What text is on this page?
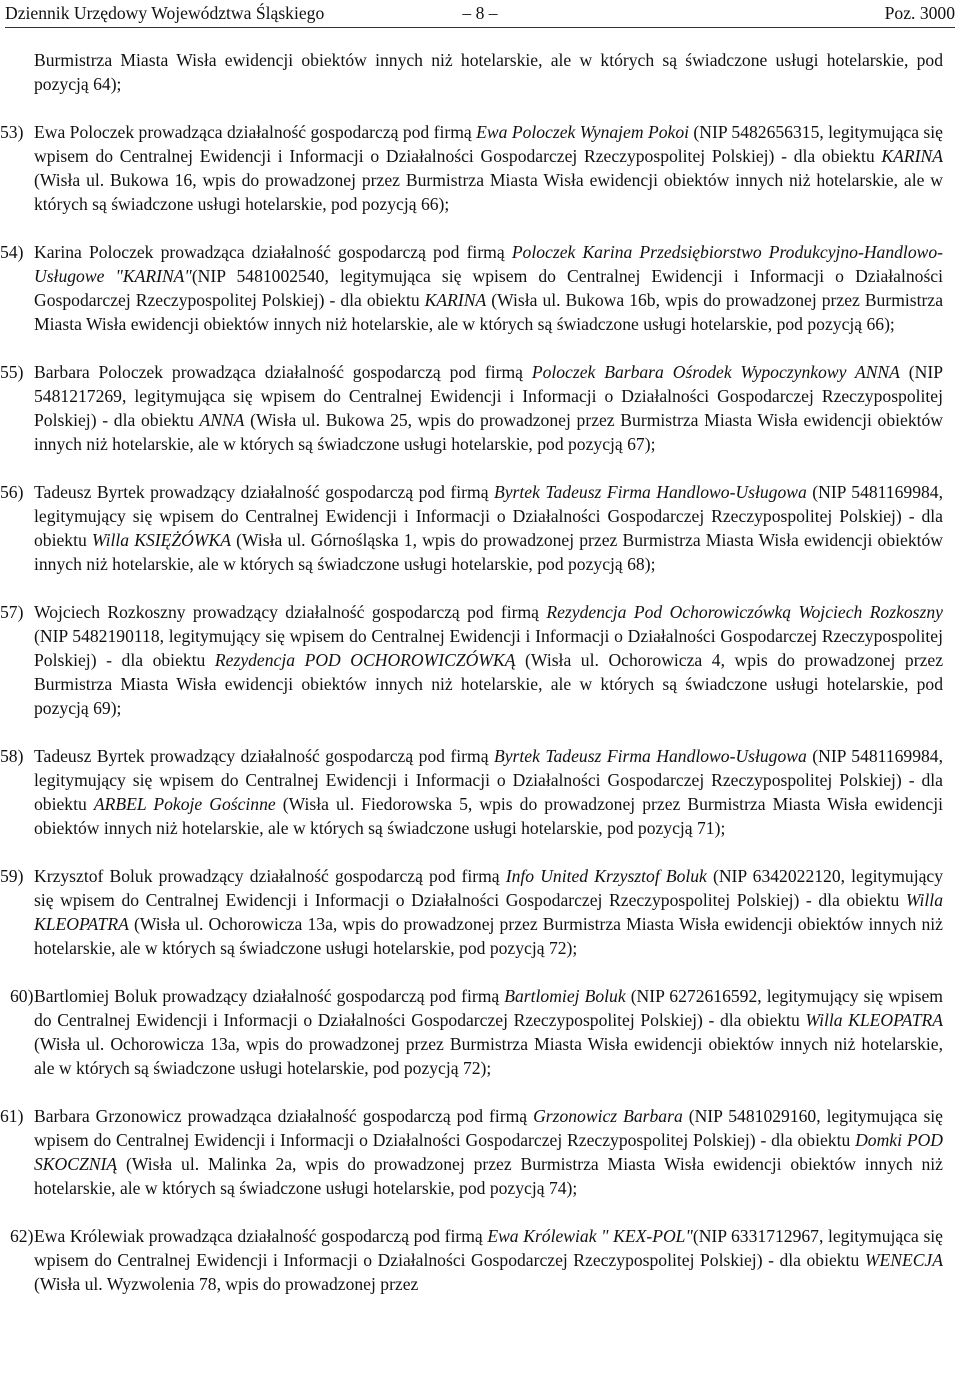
Dziennik Urzędowy Województwa Śląskiego	– 8 –	Poz. 3000

Burmistrza Miasta Wisła ewidencji obiektów innych niż hotelarskie, ale w których są świadczone usługi hotelarskie, pod pozycją 64);

53) Ewa Poloczek prowadząca działalność gospodarczą pod firmą Ewa Poloczek Wynajem Pokoi (NIP 5482656315, legitymująca się wpisem do Centralnej Ewidencji i Informacji o Działalności Gospodarczej Rzeczypospolitej Polskiej) - dla obiektu KARINA (Wisła ul. Bukowa 16, wpis do prowadzonej przez Burmistrza Miasta Wisła ewidencji obiektów innych niż hotelarskie, ale w których są świadczone usługi hotelarskie, pod pozycją 66);

54) Karina Poloczek prowadząca działalność gospodarczą pod firmą Poloczek Karina Przedsiębiorstwo Produkcyjno-Handlowo-Usługowe "KARINA"(NIP 5481002540, legitymująca się wpisem do Centralnej Ewidencji i Informacji o Działalności Gospodarczej Rzeczypospolitej Polskiej) - dla obiektu KARINA (Wisła ul. Bukowa 16b, wpis do prowadzonej przez Burmistrza Miasta Wisła ewidencji obiektów innych niż hotelarskie, ale w których są świadczone usługi hotelarskie, pod pozycją 66);

55) Barbara Poloczek prowadząca działalność gospodarczą pod firmą Poloczek Barbara Ośrodek Wypoczynkowy ANNA (NIP 5481217269, legitymująca się wpisem do Centralnej Ewidencji i Informacji o Działalności Gospodarczej Rzeczypospolitej Polskiej) - dla obiektu ANNA (Wisła ul. Bukowa 25, wpis do prowadzonej przez Burmistrza Miasta Wisła ewidencji obiektów innych niż hotelarskie, ale w których są świadczone usługi hotelarskie, pod pozycją 67);

56) Tadeusz Byrtek prowadzący działalność gospodarczą pod firmą Byrtek Tadeusz Firma Handlowo-Usługowa (NIP 5481169984, legitymujący się wpisem do Centralnej Ewidencji i Informacji o Działalności Gospodarczej Rzeczypospolitej Polskiej) - dla obiektu Willa KSIĘŻÓWKA (Wisła ul. Górnośląska 1, wpis do prowadzonej przez Burmistrza Miasta Wisła ewidencji obiektów innych niż hotelarskie, ale w których są świadczone usługi hotelarskie, pod pozycją 68);

57) Wojciech Rozkoszny prowadzący działalność gospodarczą pod firmą Rezydencja Pod Ochorowiczówką Wojciech Rozkoszny (NIP 5482190118, legitymujący się wpisem do Centralnej Ewidencji i Informacji o Działalności Gospodarczej Rzeczypospolitej Polskiej) - dla obiektu Rezydencja POD OCHOROWICZÓWKĄ (Wisła ul. Ochorowicza 4, wpis do prowadzonej przez Burmistrza Miasta Wisła ewidencji obiektów innych niż hotelarskie, ale w których są świadczone usługi hotelarskie, pod pozycją 69);

58) Tadeusz Byrtek prowadzący działalność gospodarczą pod firmą Byrtek Tadeusz Firma Handlowo-Usługowa (NIP 5481169984, legitymujący się wpisem do Centralnej Ewidencji i Informacji o Działalności Gospodarczej Rzeczypospolitej Polskiej) - dla obiektu ARBEL Pokoje Gościnne (Wisła ul. Fiedorowska 5, wpis do prowadzonej przez Burmistrza Miasta Wisła ewidencji obiektów innych niż hotelarskie, ale w których są świadczone usługi hotelarskie, pod pozycją 71);

59) Krzysztof Boluk prowadzący działalność gospodarczą pod firmą Info United Krzysztof Boluk (NIP 6342022120, legitymujący się wpisem do Centralnej Ewidencji i Informacji o Działalności Gospodarczej Rzeczypospolitej Polskiej) - dla obiektu Willa KLEOPATRA (Wisła ul. Ochorowicza 13a, wpis do prowadzonej przez Burmistrza Miasta Wisła ewidencji obiektów innych niż hotelarskie, ale w których są świadczone usługi hotelarskie, pod pozycją 72);

60) Bartlomiej Boluk prowadzący działalność gospodarczą pod firmą Bartlomiej Boluk (NIP 6272616592, legitymujący się wpisem do Centralnej Ewidencji i Informacji o Działalności Gospodarczej Rzeczypospolitej Polskiej) - dla obiektu Willa KLEOPATRA (Wisła ul. Ochorowicza 13a, wpis do prowadzonej przez Burmistrza Miasta Wisła ewidencji obiektów innych niż hotelarskie, ale w których są świadczone usługi hotelarskie, pod pozycją 72);

61) Barbara Grzonowicz prowadząca działalność gospodarczą pod firmą Grzonowicz Barbara (NIP 5481029160, legitymująca się wpisem do Centralnej Ewidencji i Informacji o Działalności Gospodarczej Rzeczypospolitej Polskiej) - dla obiektu Domki POD SKOCZNIĄ (Wisła ul. Malinka 2a, wpis do prowadzonej przez Burmistrza Miasta Wisła ewidencji obiektów innych niż hotelarskie, ale w których są świadczone usługi hotelarskie, pod pozycją 74);

62) Ewa Królewiak prowadząca działalność gospodarczą pod firmą Ewa Królewiak " KEX-POL"(NIP 6331712967, legitymująca się wpisem do Centralnej Ewidencji i Informacji o Działalności Gospodarczej Rzeczypospolitej Polskiej) - dla obiektu WENECJA (Wisła ul. Wyzwolenia 78, wpis do prowadzonej przez
